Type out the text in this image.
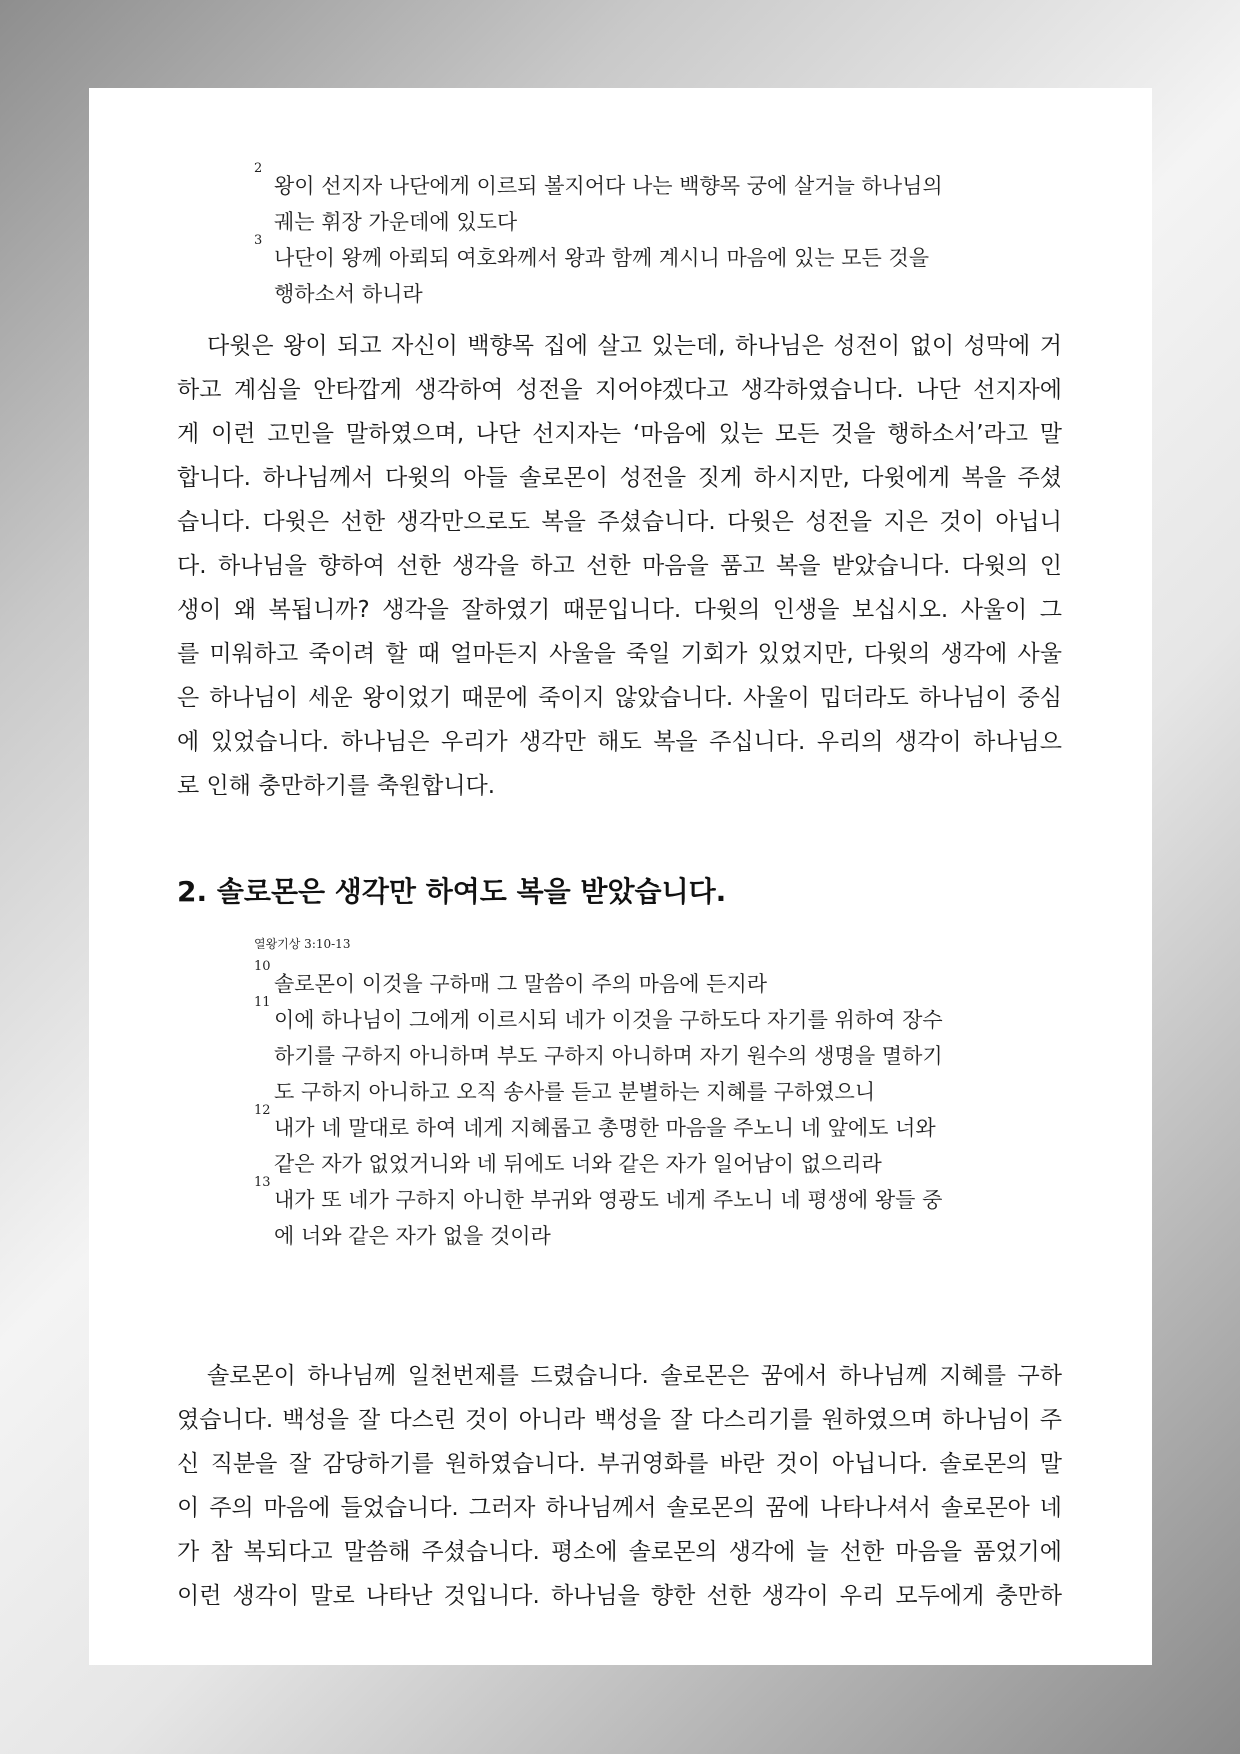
2
왕이 선지자 나단에게 이르되 볼지어다 나는 백향목 궁에 살거늘 하나님의
궤는 휘장 가운데에 있도다
3
나단이 왕께 아뢰되 여호와께서 왕과 함께 계시니 마음에 있는 모든 것을
행하소서 하니라
다윗은 왕이 되고 자신이 백향목 집에 살고 있는데, 하나님은 성전이 없이 성막에 거
하고 계심을 안타깝게 생각하여 성전을 지어야겠다고 생각하였습니다. 나단 선지자에
게 이런 고민을 말하였으며, 나단 선지자는 ‘마음에 있는 모든 것을 행하소서’라고 말
합니다. 하나님께서 다윗의 아들 솔로몬이 성전을 짓게 하시지만, 다윗에게 복을 주셨
습니다. 다윗은 선한 생각만으로도 복을 주셨습니다. 다윗은 성전을 지은 것이 아닙니
다. 하나님을 향하여 선한 생각을 하고 선한 마음을 품고 복을 받았습니다. 다윗의 인
생이 왜 복됩니까? 생각을 잘하였기 때문입니다. 다윗의 인생을 보십시오. 사울이 그
를 미워하고 죽이려 할 때 얼마든지 사울을 죽일 기회가 있었지만, 다윗의 생각에 사울
은 하나님이 세운 왕이었기 때문에 죽이지 않았습니다. 사울이 밉더라도 하나님이 중심
에 있었습니다. 하나님은 우리가 생각만 해도 복을 주십니다. 우리의 생각이 하나님으
로 인해 충만하기를 축원합니다.
2. 솔로몬은 생각만 하여도 복을 받았습니다.
열왕기상 3:10-13
10
솔로몬이 이것을 구하매 그 말씀이 주의 마음에 든지라
11
이에 하나님이 그에게 이르시되 네가 이것을 구하도다 자기를 위하여 장수
하기를 구하지 아니하며 부도 구하지 아니하며 자기 원수의 생명을 멸하기
도 구하지 아니하고 오직 송사를 듣고 분별하는 지혜를 구하였으니
12
내가 네 말대로 하여 네게 지혜롭고 총명한 마음을 주노니 네 앞에도 너와
같은 자가 없었거니와 네 뒤에도 너와 같은 자가 일어남이 없으리라
13
내가 또 네가 구하지 아니한 부귀와 영광도 네게 주노니 네 평생에 왕들 중
에 너와 같은 자가 없을 것이라
솔로몬이 하나님께 일천번제를 드렸습니다. 솔로몬은 꿈에서 하나님께 지혜를 구하
였습니다. 백성을 잘 다스린 것이 아니라 백성을 잘 다스리기를 원하였으며 하나님이 주
신 직분을 잘 감당하기를 원하였습니다. 부귀영화를 바란 것이 아닙니다. 솔로몬의 말
이 주의 마음에 들었습니다. 그러자 하나님께서 솔로몬의 꿈에 나타나셔서 솔로몬아 네
가 참 복되다고 말씀해 주셨습니다. 평소에 솔로몬의 생각에 늘 선한 마음을 품었기에
이런 생각이 말로 나타난 것입니다. 하나님을 향한 선한 생각이 우리 모두에게 충만하
